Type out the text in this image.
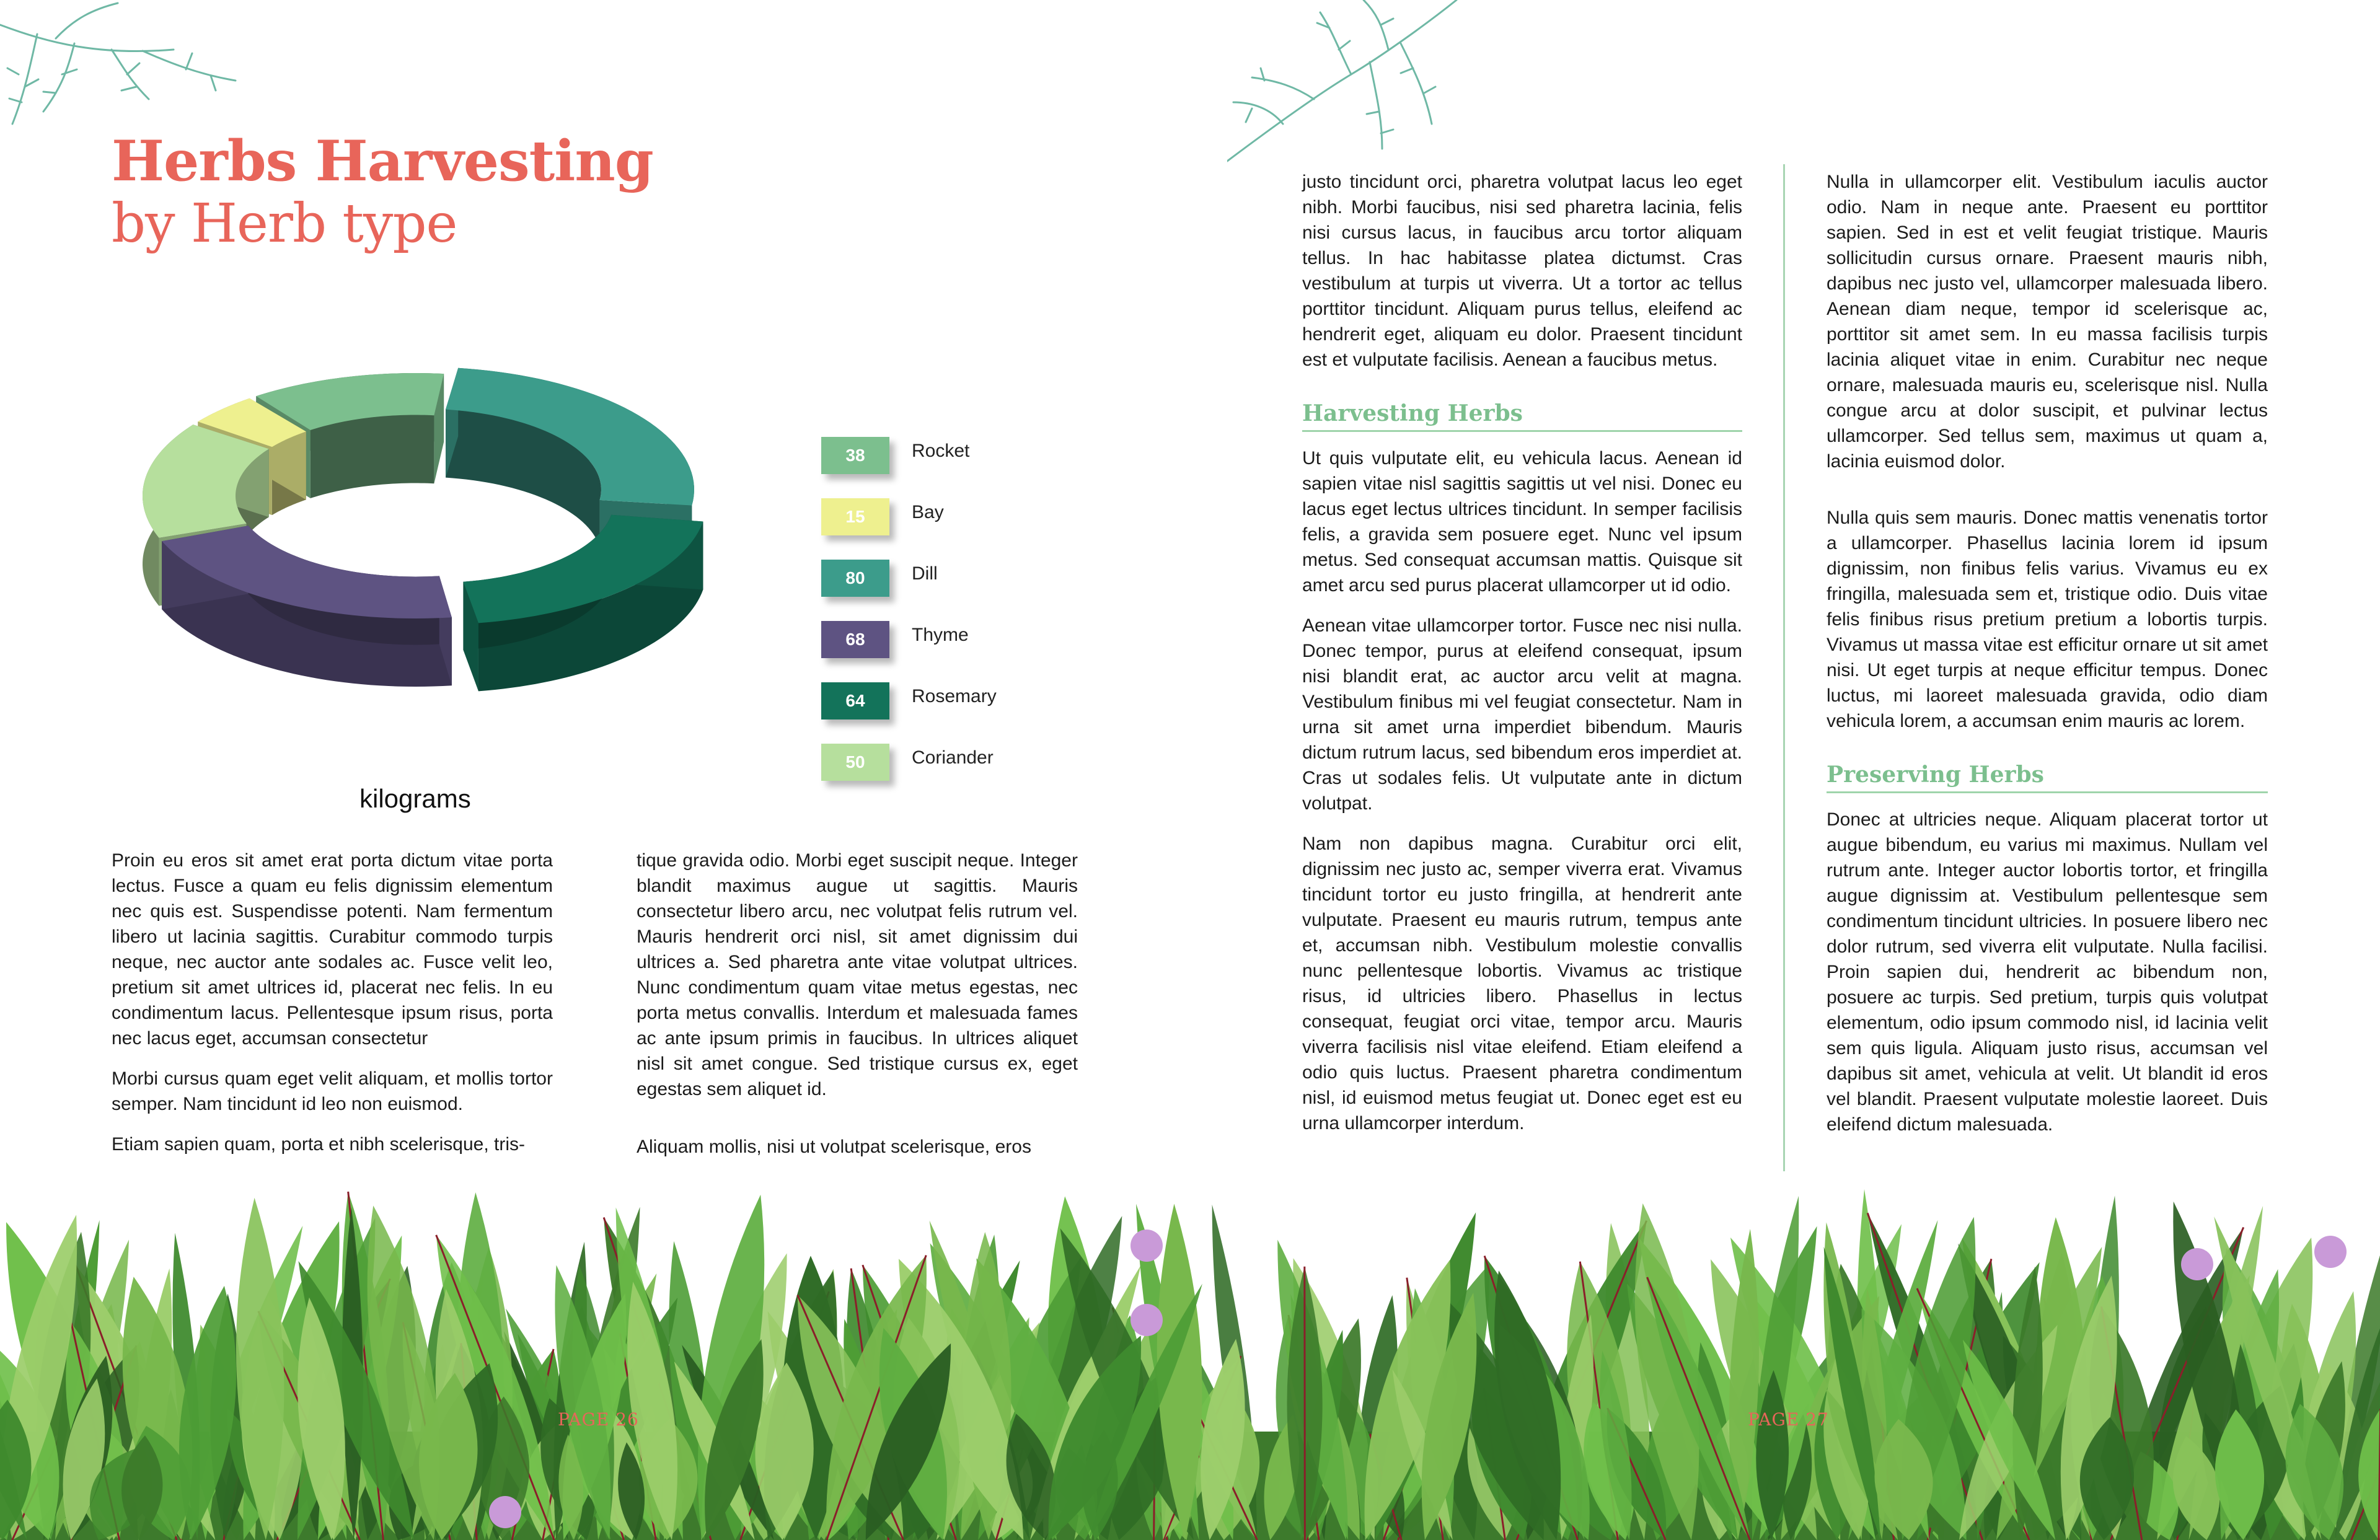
Herbs Harvesting
by Herb type
38	Rocket
15	Bay
80	Dill
68	Thyme
64	Rosemary
50	Coriander
kilograms

Proin eu eros sit amet erat porta dictum vitae porta lectus. Fusce a quam eu felis dignissim elementum nec quis est. Suspendisse potenti. Nam fermentum libero ut lacinia sagittis. Curabitur commodo turpis neque, nec auctor ante sodales ac. Fusce velit leo, pretium sit amet ultrices id, placerat nec felis. In eu condimentum lacus. Pellentesque ipsum risus, porta nec lacus eget, accumsan consectetur

Morbi cursus quam eget velit aliquam, et mollis tortor semper. Nam tincidunt id leo non euismod.

Etiam sapien quam, porta et nibh scelerisque, tris-

tique gravida odio. Morbi eget suscipit neque. Integer blandit maximus augue ut sagittis. Mauris consectetur libero arcu, nec volutpat felis rutrum vel. Mauris hendrerit orci nisl, sit amet dignissim dui ultrices a. Sed pharetra ante vitae volutpat ultrices. Nunc condimentum quam vitae metus egestas, nec porta metus convallis. Interdum et malesuada fames ac ante ipsum primis in faucibus. In ultrices aliquet nisl sit amet congue. Sed tristique cursus ex, eget egestas sem aliquet id.

Aliquam mollis, nisi ut volutpat scelerisque, eros

justo tincidunt orci, pharetra volutpat lacus leo eget nibh. Morbi faucibus, nisi sed pharetra lacinia, felis nisi cursus lacus, in faucibus arcu tortor aliquam tellus. In hac habitasse platea dictumst. Cras vestibulum at turpis ut viverra. Ut a tortor ac tellus porttitor tincidunt. Aliquam purus tellus, eleifend ac hendrerit eget, aliquam eu dolor. Praesent tincidunt est et vulputate facilisis. Aenean a faucibus metus.

Harvesting Herbs

Ut quis vulputate elit, eu vehicula lacus. Aenean id sapien vitae nisl sagittis sagittis ut vel nisi. Donec eu lacus eget lectus ultrices tincidunt. In semper facilisis felis, a gravida sem posuere eget. Nunc vel ipsum metus. Sed consequat accumsan mattis. Quisque sit amet arcu sed purus placerat ullamcorper ut id odio.

Aenean vitae ullamcorper tortor. Fusce nec nisi nulla. Donec tempor, purus at eleifend consequat, ipsum nisi blandit erat, ac auctor arcu velit at magna. Vestibulum finibus mi vel feugiat consectetur. Nam in urna sit amet urna imperdiet bibendum. Mauris dictum rutrum lacus, sed bibendum eros imperdiet at. Cras ut sodales felis. Ut vulputate ante in dictum volutpat.

Nam non dapibus magna. Curabitur orci elit, dignissim nec justo ac, semper viverra erat. Vivamus tincidunt tortor eu justo fringilla, at hendrerit ante vulputate. Praesent eu mauris rutrum, tempus ante et, accumsan nibh. Vestibulum molestie convallis nunc pellentesque lobortis. Vivamus ac tristique risus, id ultricies libero. Phasellus in lectus consequat, feugiat orci vitae, tempor arcu. Mauris viverra facilisis nisl vitae eleifend. Etiam eleifend a odio quis luctus. Praesent pharetra condimentum nisl, id euismod metus feugiat ut. Donec eget est eu urna ullamcorper interdum.

Nulla in ullamcorper elit. Vestibulum iaculis auctor odio. Nam in neque ante. Praesent eu porttitor sapien. Sed in est et velit feugiat tristique. Mauris sollicitudin cursus ornare. Praesent mauris nibh, dapibus nec justo vel, ullamcorper malesuada libero. Aenean diam neque, tempor id scelerisque ac, porttitor sit amet sem. In eu massa facilisis turpis lacinia aliquet vitae in enim. Curabitur nec neque ornare, malesuada mauris eu, scelerisque nisl. Nulla congue arcu at dolor suscipit, et pulvinar lectus ullamcorper. Sed tellus sem, maximus ut quam a, lacinia euismod dolor.

Nulla quis sem mauris. Donec mattis venenatis tortor a ullamcorper. Phasellus lacinia lorem id ipsum dignissim, non finibus felis varius. Vivamus eu ex fringilla, malesuada sem et, tristique odio. Duis vitae felis finibus risus pretium pretium a lobortis turpis. Vivamus ut massa vitae est efficitur ornare ut sit amet nisi. Ut eget turpis at neque efficitur tempus. Donec luctus, mi laoreet malesuada gravida, odio diam vehicula lorem, a accumsan enim mauris ac lorem.

Preserving Herbs

Donec at ultricies neque. Aliquam placerat tortor ut augue bibendum, eu varius mi maximus. Nullam vel rutrum ante. Integer auctor lobortis tortor, et fringilla augue dignissim at. Vestibulum pellentesque sem condimentum tincidunt ultricies. In posuere libero nec dolor rutrum, sed viverra elit vulputate. Nulla facilisi. Proin sapien dui, hendrerit ac bibendum non, posuere ac turpis. Sed pretium, turpis quis volutpat elementum, odio ipsum commodo nisl, id lacinia velit sem quis ligula. Aliquam justo risus, accumsan vel dapibus sit amet, vehicula at velit. Ut blandit id eros vel blandit. Praesent vulputate molestie laoreet. Duis eleifend dictum malesuada.

PAGE 26	PAGE 27
